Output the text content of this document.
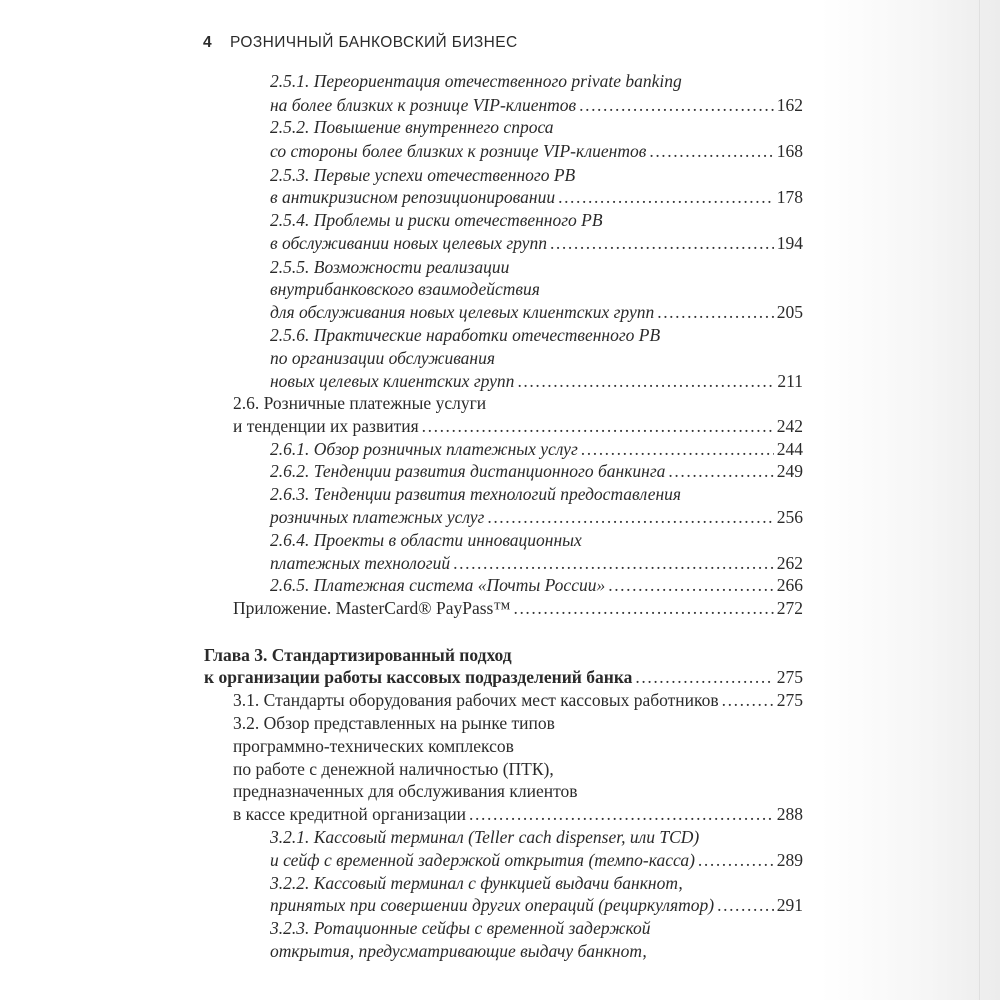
4 РОЗНИЧНЫЙ БАНКОВСКИЙ БИЗНЕС
2.5.1. Переориентация отечественного private banking
на более близких к рознице VIP-клиентов .....	162
2.5.2. Повышение внутреннего спроса
со стороны более близких к рознице VIP-клиентов .....	168
2.5.3. Первые успехи отечественного PB
в антикризисном репозиционировании .....	178
2.5.4. Проблемы и риски отечественного PB
в обслуживании новых целевых групп .....	194
2.5.5. Возможности реализации
внутрибанковского взаимодействия
для обслуживания новых целевых клиентских групп .....	205
2.5.6. Практические наработки отечественного PB
по организации обслуживания
новых целевых клиентских групп .....	211
2.6. Розничные платежные услуги
и тенденции их развития .....	242
2.6.1. Обзор розничных платежных услуг .....	244
2.6.2. Тенденции развития дистанционного банкинга .....	249
2.6.3. Тенденции развития технологий предоставления
розничных платежных услуг .....	256
2.6.4. Проекты в области инновационных
платежных технологий .....	262
2.6.5. Платежная система «Почты России» .....	266
Приложение. MasterCard® PayPass™ .....	272
Глава 3. Стандартизированный подход
к организации работы кассовых подразделений банка .....	275
3.1. Стандарты оборудования рабочих мест кассовых работников .....	275
3.2. Обзор представленных на рынке типов
программно-технических комплексов
по работе с денежной наличностью (ПТК),
предназначенных для обслуживания клиентов
в кассе кредитной организации .....	288
3.2.1. Кассовый терминал (Teller cach dispenser, или TCD)
и сейф с временной задержкой открытия (темпо-касса) .....	289
3.2.2. Кассовый терминал с функцией выдачи банкнот,
принятых при совершении других операций (рециркулятор) .....	291
3.2.3. Ротационные сейфы с временной задержкой
открытия, предусматривающие выдачу банкнот,
